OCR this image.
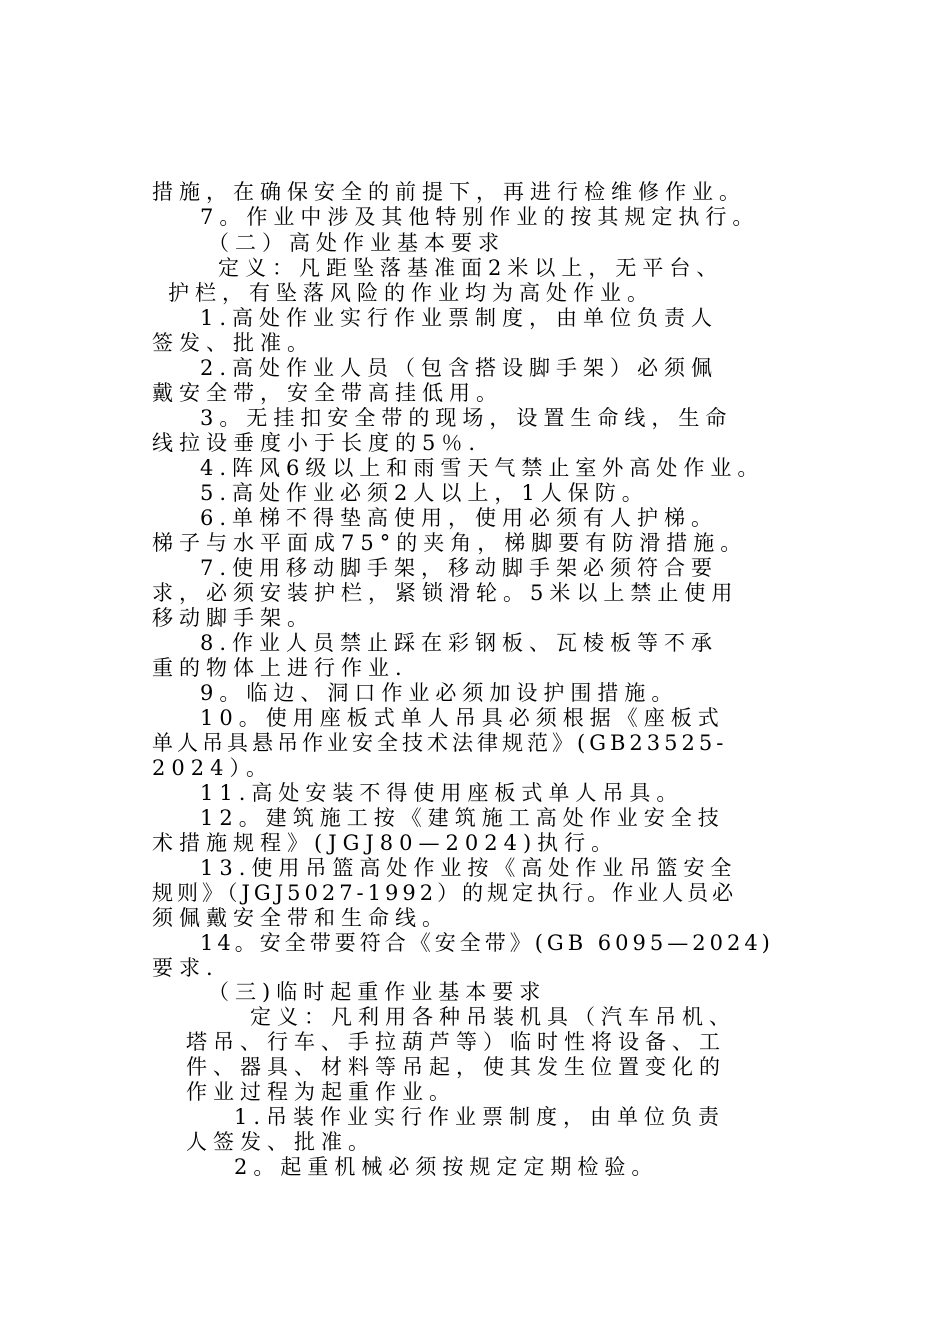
措施，在确保安全的前提下，再进行检维修作业。
7。作业中涉及其他特别作业的按其规定执行。
（二）高处作业基本要求
定义：凡距坠落基准面2米以上，无平台、
护栏，有坠落风险的作业均为高处作业。
1.高处作业实行作业票制度，由单位负责人
签发、批准。
2.高处作业人员（包含搭设脚手架）必须佩
戴安全带，安全带高挂低用。
3。无挂扣安全带的现场，设置生命线，生命
线拉设垂度小于长度的5％.
4.阵风6级以上和雨雪天气禁止室外高处作业。
5.高处作业必须2人以上，1人保防。
6.单梯不得垫高使用，使用必须有人护梯。
梯子与水平面成75°的夹角，梯脚要有防滑措施。
7.使用移动脚手架，移动脚手架必须符合要
求，必须安装护栏，紧锁滑轮。5米以上禁止使用
移动脚手架。
8.作业人员禁止踩在彩钢板、瓦棱板等不承
重的物体上进行作业.
9。临边、洞口作业必须加设护围措施。
10。使用座板式单人吊具必须根据《座板式
单人吊具悬吊作业安全技术法律规范》(GB23525-
2024）。
11.高处安装不得使用座板式单人吊具。
12。建筑施工按《建筑施工高处作业安全技
术措施规程》(JGJ80—2024)执行。
13.使用吊篮高处作业按《高处作业吊篮安全
规则》（JGJ5027-1992）的规定执行。作业人员必
须佩戴安全带和生命线。
14。安全带要符合《安全带》(GB 6095—2024)
要求.
（三)临时起重作业基本要求
定义：凡利用各种吊装机具（汽车吊机、
塔吊、行车、手拉葫芦等）临时性将设备、工
件、器具、材料等吊起，使其发生位置变化的
作业过程为起重作业。
1.吊装作业实行作业票制度，由单位负责
人签发、批准。
2。起重机械必须按规定定期检验。
